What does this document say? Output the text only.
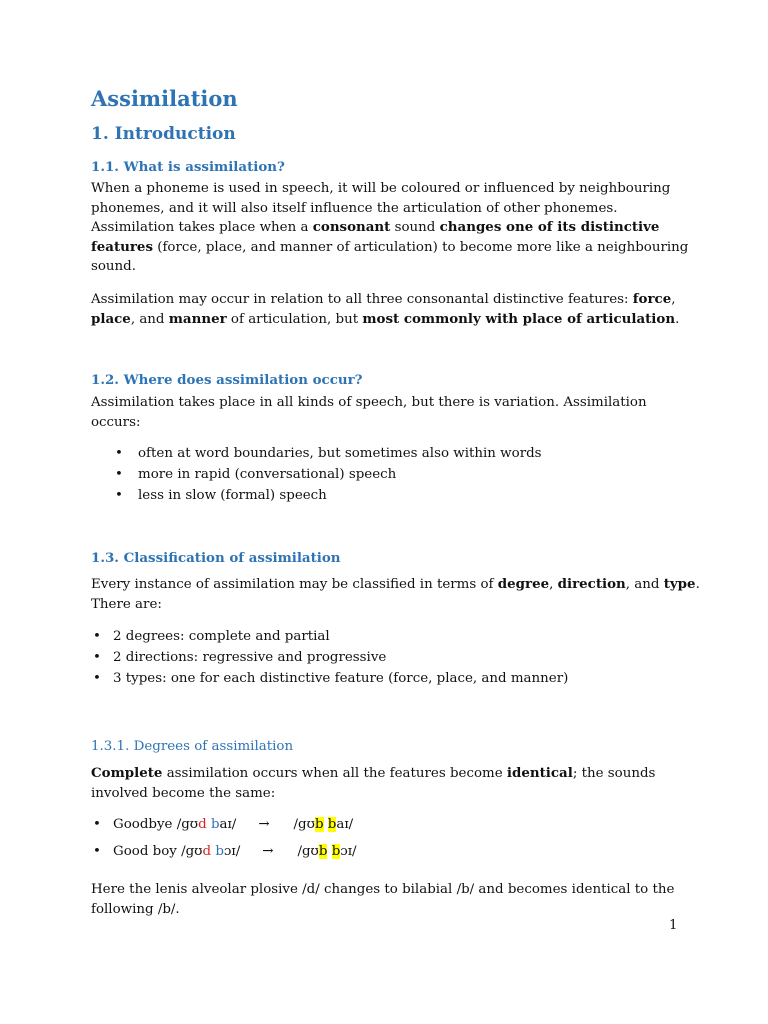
Assimilation
1. Introduction
1.1. What is assimilation?
When a phoneme is used in speech, it will be coloured or influenced by neighbouring
phonemes, and it will also itself influence the articulation of other phonemes.
Assimilation takes place when a consonant sound changes one of its distinctive
features (force, place, and manner of articulation) to become more like a neighbouring
sound.
Assimilation may occur in relation to all three consonantal distinctive features: force,
place, and manner of articulation, but most commonly with place of articulation.
1.2. Where does assimilation occur?
Assimilation takes place in all kinds of speech, but there is variation. Assimilation
occurs:
• often at word boundaries, but sometimes also within words
• more in rapid (conversational) speech
• less in slow (formal) speech
1.3. Classification of assimilation
Every instance of assimilation may be classified in terms of degree, direction, and type.
There are:
• 2 degrees: complete and partial
• 2 directions: regressive and progressive
• 3 types: one for each distinctive feature (force, place, and manner)
1.3.1. Degrees of assimilation
Complete assimilation occurs when all the features become identical; the sounds
involved become the same:
• Goodbye /gʊd baɪ/ → /gʊb baɪ/
• Good boy /gʊd bɔɪ/ → /gʊb bɔɪ/
Here the lenis alveolar plosive /d/ changes to bilabial /b/ and becomes identical to the
following /b/.
1
